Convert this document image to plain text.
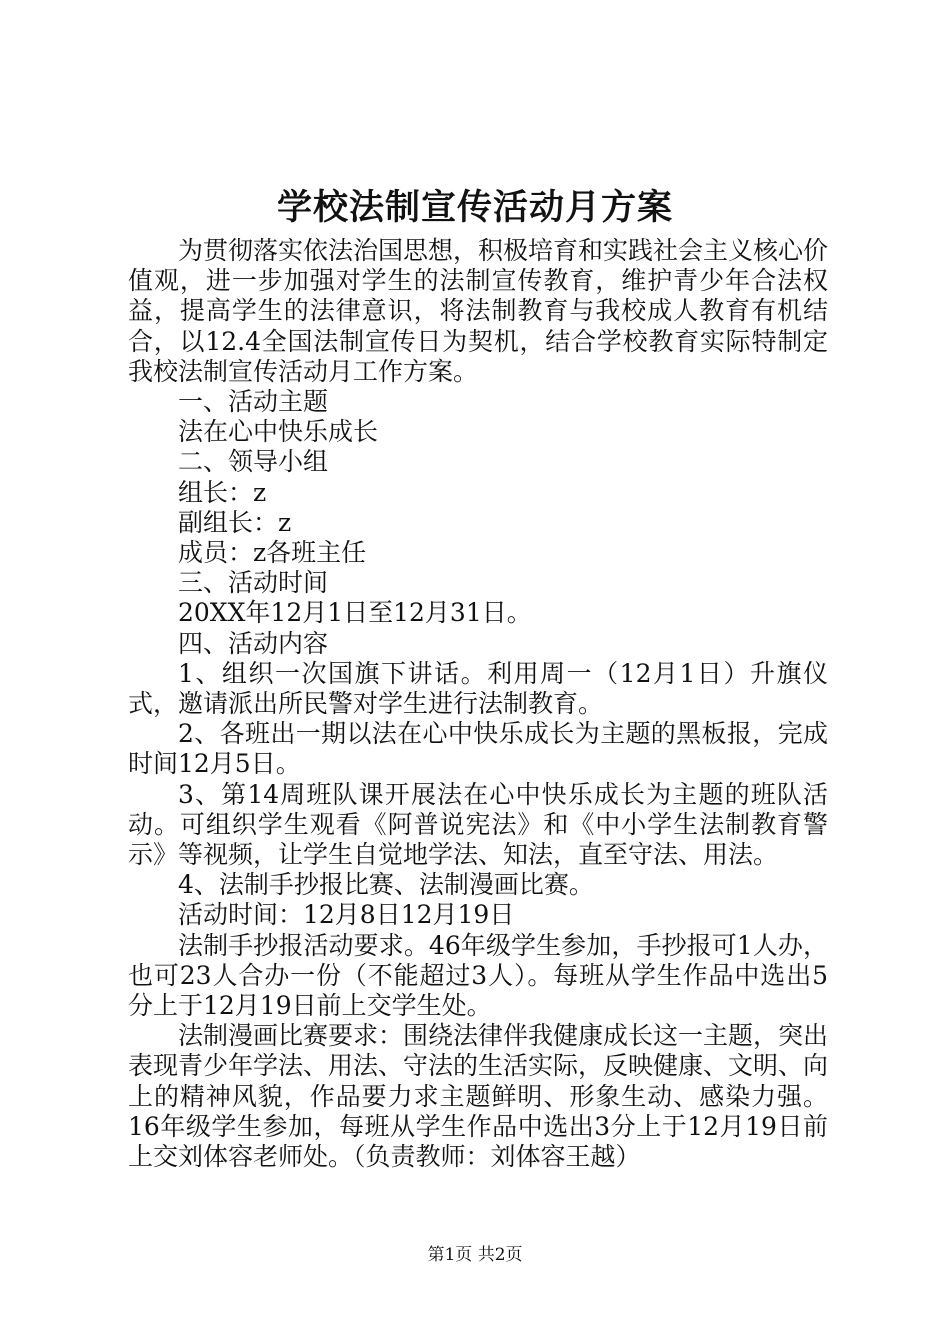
学校法制宣传活动月方案

为贯彻落实依法治国思想，积极培育和实践社会主义核心价值观，进一步加强对学生的法制宣传教育，维护青少年合法权益，提高学生的法律意识，将法制教育与我校成人教育有机结合，以12.4全国法制宣传日为契机，结合学校教育实际特制定我校法制宣传活动月工作方案。

一、活动主题

法在心中快乐成长

二、领导小组

组长：z

副组长：z

成员：z各班主任

三、活动时间

20XX年12月1日至12月31日。

四、活动内容

1、组织一次国旗下讲话。利用周一（12月1日）升旗仪式，邀请派出所民警对学生进行法制教育。

2、各班出一期以法在心中快乐成长为主题的黑板报，完成时间12月5日。

3、第14周班队课开展法在心中快乐成长为主题的班队活动。可组织学生观看《阿普说宪法》和《中小学生法制教育警示》等视频，让学生自觉地学法、知法，直至守法、用法。

4、法制手抄报比赛、法制漫画比赛。

活动时间：12月8日12月19日

法制手抄报活动要求。46年级学生参加，手抄报可1人办，也可23人合办一份（不能超过3人）。每班从学生作品中选出5分上于12月19日前上交学生处。

法制漫画比赛要求：围绕法律伴我健康成长这一主题，突出表现青少年学法、用法、守法的生活实际，反映健康、文明、向上的精神风貌，作品要力求主题鲜明、形象生动、感染力强。16年级学生参加，每班从学生作品中选出3分上于12月19日前上交刘体容老师处。（负责教师：刘体容王越）

第1页 共2页
